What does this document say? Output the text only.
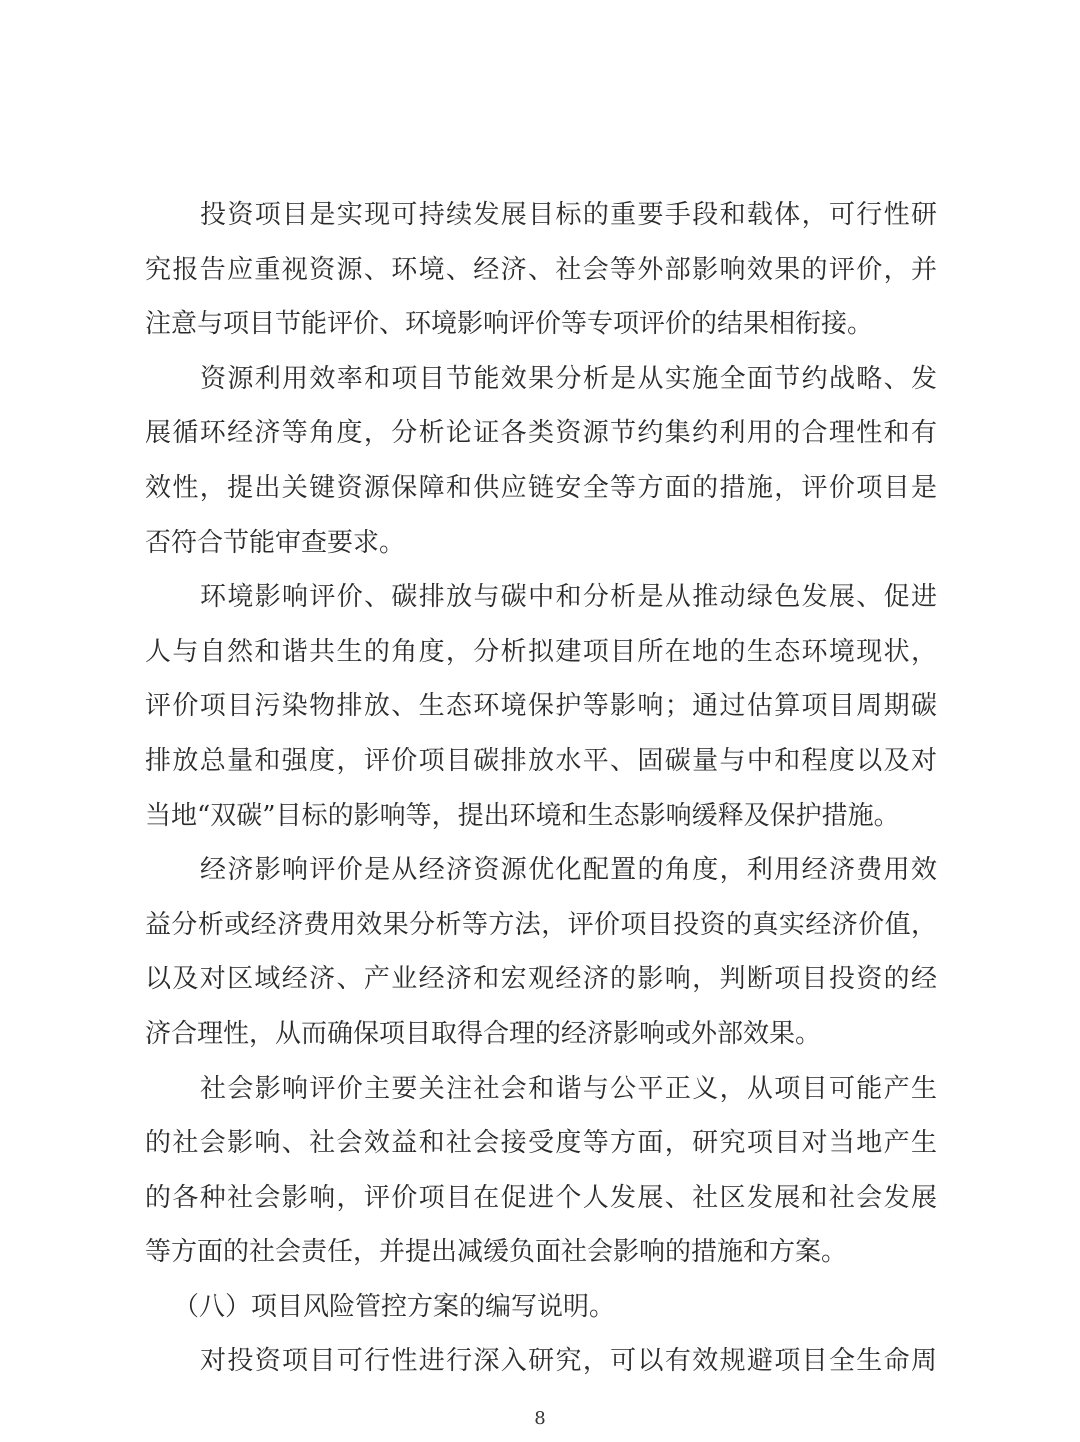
投资项目是实现可持续发展目标的重要手段和载体，可行性研
究报告应重视资源、环境、经济、社会等外部影响效果的评价，并
注意与项目节能评价、环境影响评价等专项评价的结果相衔接。
资源利用效率和项目节能效果分析是从实施全面节约战略、发
展循环经济等角度，分析论证各类资源节约集约利用的合理性和有
效性，提出关键资源保障和供应链安全等方面的措施，评价项目是
否符合节能审查要求。
环境影响评价、碳排放与碳中和分析是从推动绿色发展、促进
人与自然和谐共生的角度，分析拟建项目所在地的生态环境现状，
评价项目污染物排放、生态环境保护等影响；通过估算项目周期碳
排放总量和强度，评价项目碳排放水平、固碳量与中和程度以及对
当地“双碳”目标的影响等，提出环境和生态影响缓释及保护措施。
经济影响评价是从经济资源优化配置的角度，利用经济费用效
益分析或经济费用效果分析等方法，评价项目投资的真实经济价值，
以及对区域经济、产业经济和宏观经济的影响，判断项目投资的经
济合理性，从而确保项目取得合理的经济影响或外部效果。
社会影响评价主要关注社会和谐与公平正义，从项目可能产生
的社会影响、社会效益和社会接受度等方面，研究项目对当地产生
的各种社会影响，评价项目在促进个人发展、社区发展和社会发展
等方面的社会责任，并提出减缓负面社会影响的措施和方案。
（八）项目风险管控方案的编写说明。
对投资项目可行性进行深入研究，可以有效规避项目全生命周
8
